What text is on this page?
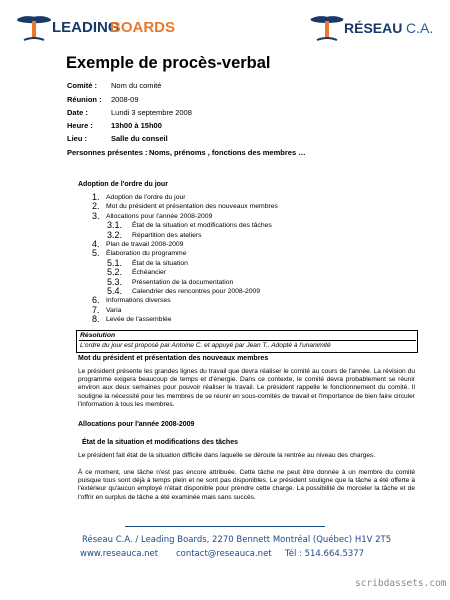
LEADING
BOARDS	RÉSEAU C.A.
Exemple de procès-verbal
Comité : Nom du comité
Réunion : 2008-09
Date :	Lundi 3 septembre 2008
Heure : 13h00 à 15h00
Lieu :	Salle du conseil
Personnes présentes : Noms, prénoms , fonctions des membres …
Adoption de l'ordre du jour
1. Adoption de l'ordre du jour
2. Mot du président et présentation des nouveaux membres
3. Allocations pour l'année 2008-2009
3.1. État de la situation et modifications des tâches
3.2. Répartition des ateliers
4. Plan de travail 2008-2009
5. Élaboration du programme
5.1. État de la situation
5.2. Échéancier
5.3. Présentation de la documentation
5.4. Calendrier des rencontres pour 2008-2009
6. Informations diverses
7. Varia
8. Levée de l'assemblée
Résolution
L'ordre du jour est proposé par Antoine C. et appuyé par Jean T.. Adopté à l'unanimité
Mot du président et présentation des nouveaux membres
Le président présente les grandes lignes du travail que devra réaliser le comité au cours de l'année. La révision du programme exigera beaucoup de temps et d'énergie. Dans ce contexte, le comité devra probablement se réunir environ aux deux semaines pour pouvoir réaliser le travail. Le président rappelle le fonctionnement du comité. Il souligne la nécessité pour les membres de se réunir en sous-comités de travail et l'importance de bien faire circuler l'information à tous les membres.
Allocations pour l'année 2008-2009
État de la situation et modifications des tâches
Le président fait état de la situation difficile dans laquelle se déroule la rentrée au niveau des charges.
À ce moment, une tâche n'est pas encore attribuée. Cette tâche ne peut être donnée à un membre du comité puisque tous sont déjà à temps plein et ne sont pas disponibles. Le président souligne que la tâche a été offerte à l'extérieur qu'aucun employé n'était disponible pour prendre cette charge. La possibilité de morceler la tâche et de l'offrir en surplus de tâche a été examinée mais sans succès.
Réseau C.A. / Leading Boards, 2270 Bennett Montréal (Québec) H1V 2T5
www.reseauca.net contact@reseauca.net Tél : 514.664.5377
scribdassets.com
